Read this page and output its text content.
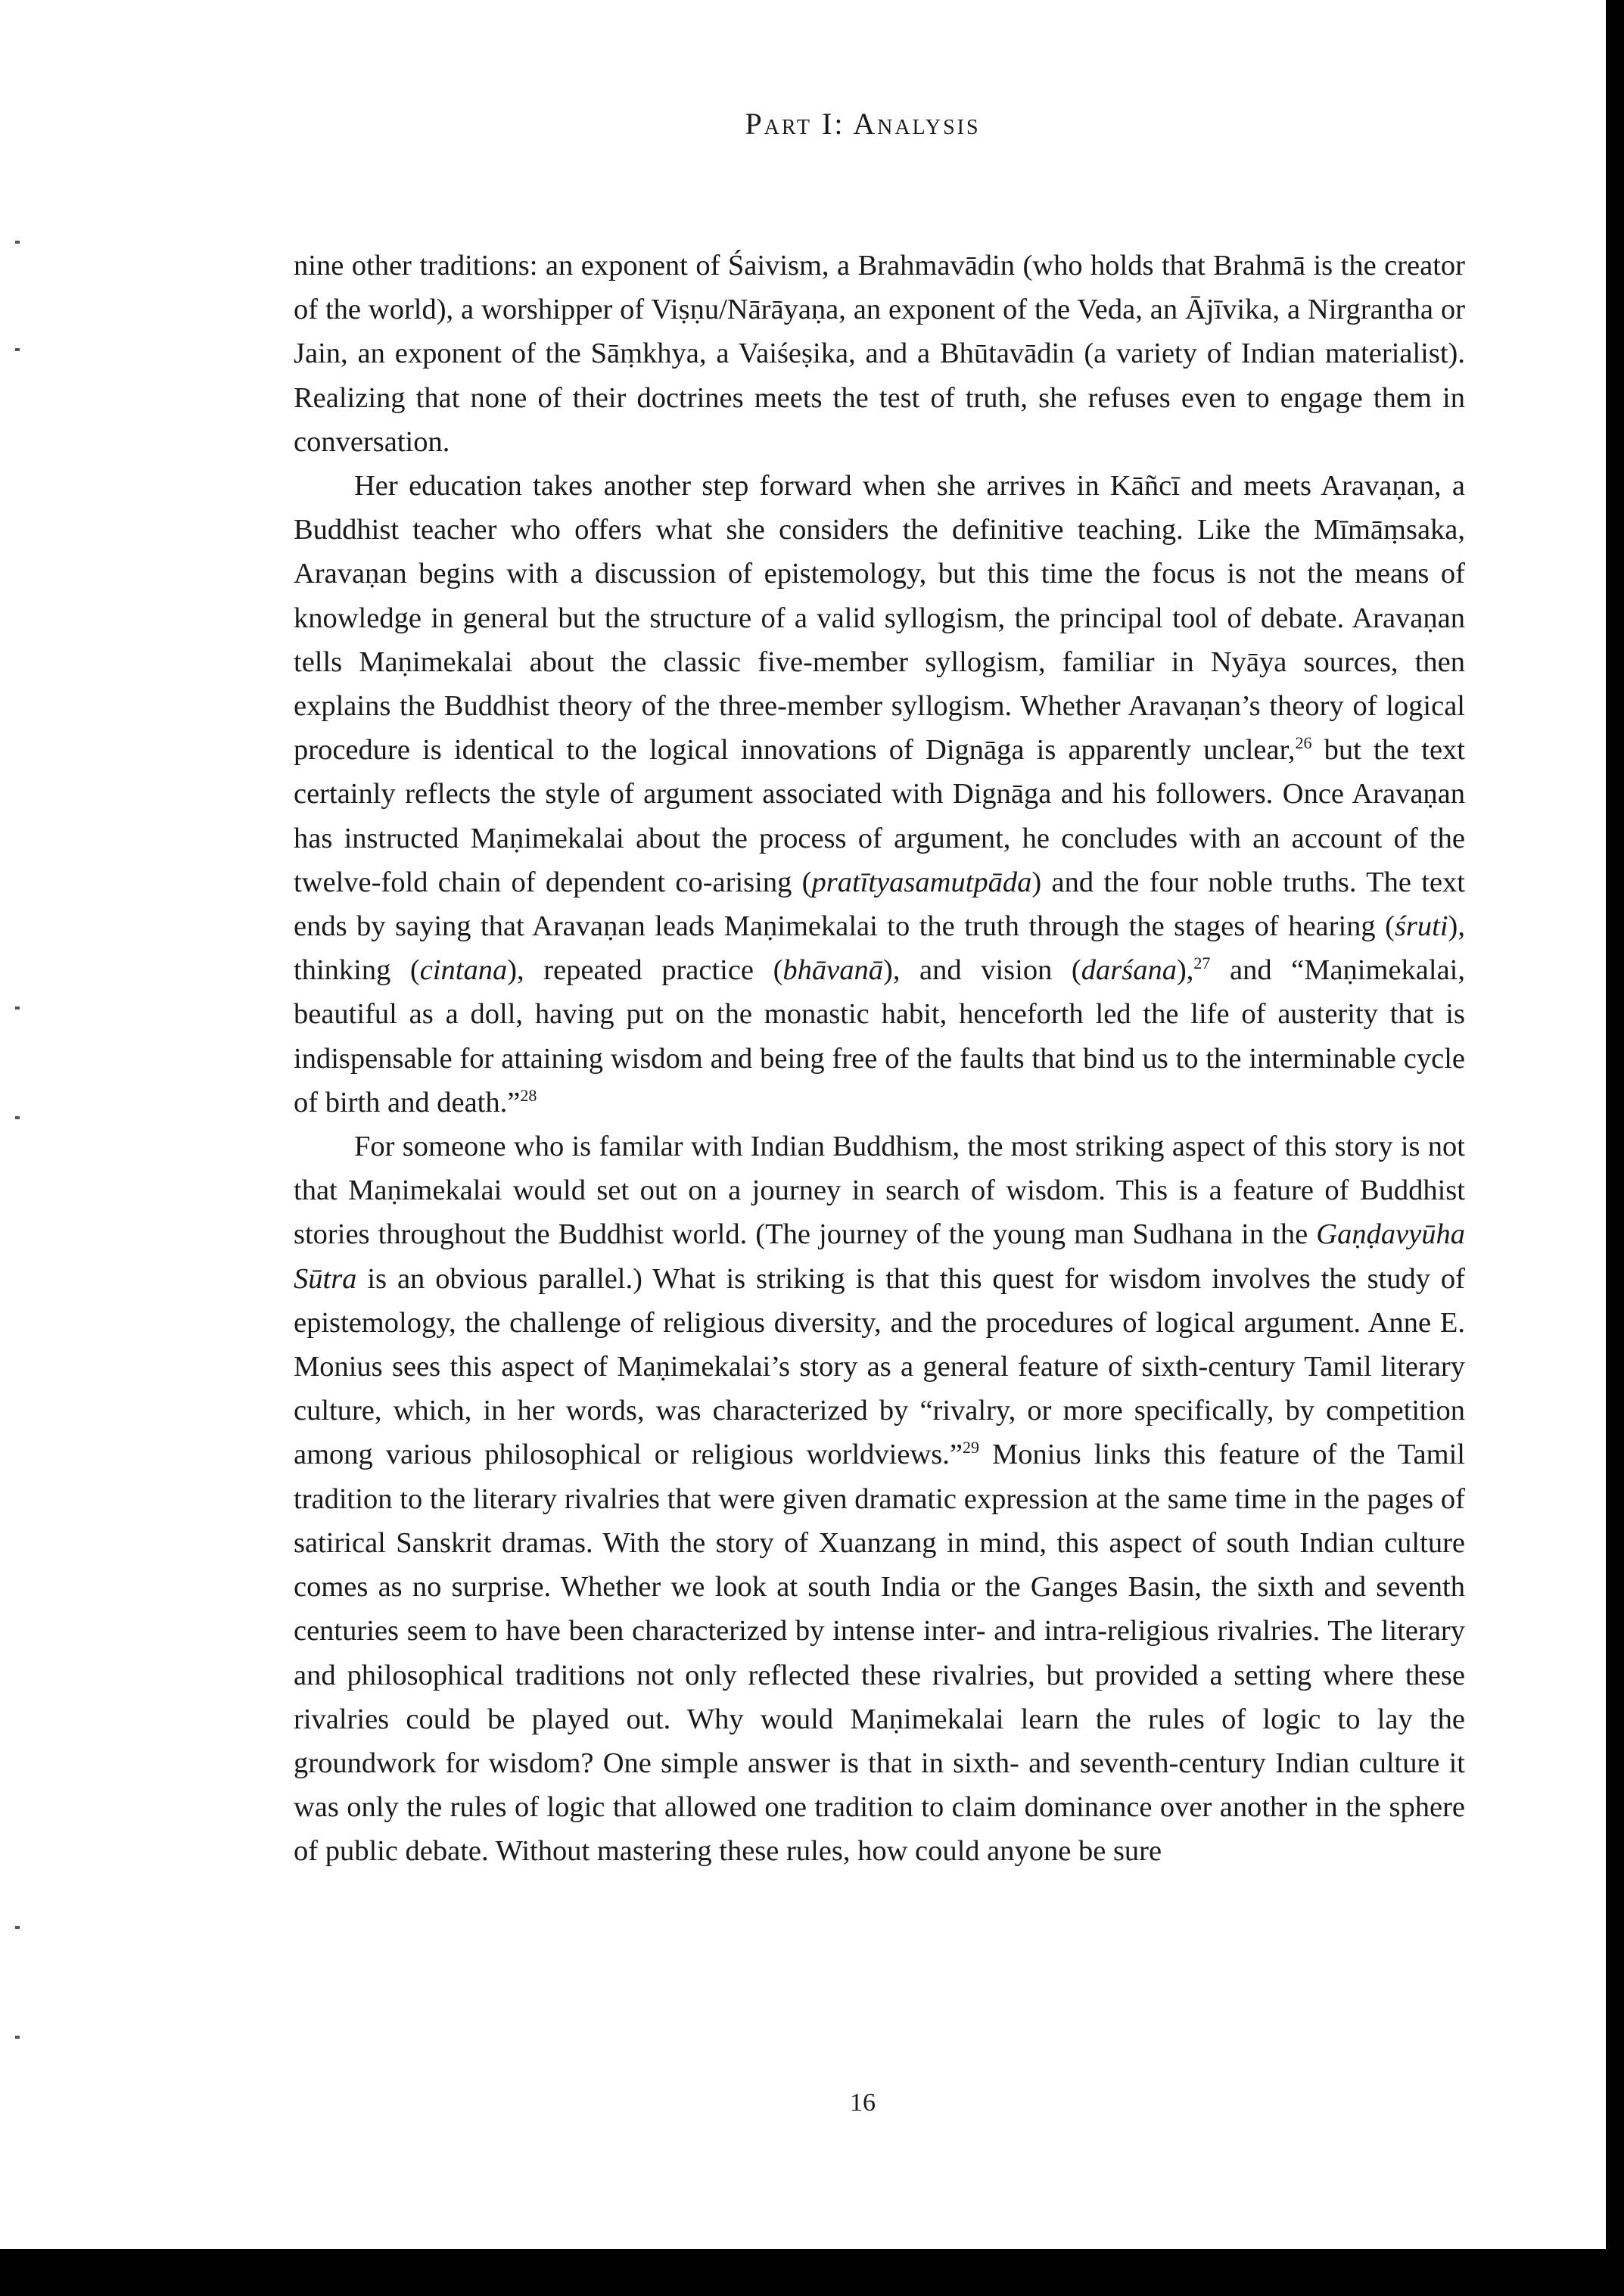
Part I: Analysis

nine other traditions: an exponent of Śaivism, a Brahmavādin (who holds that Brahmā is the creator of the world), a worshipper of Viṣṇu/Nārāyaṇa, an exponent of the Veda, an Ājīvika, a Nirgrantha or Jain, an exponent of the Sāṃkhya, a Vaiśeṣika, and a Bhūtavādin (a variety of Indian materialist). Realizing that none of their doctrines meets the test of truth, she refuses even to engage them in conversation.

Her education takes another step forward when she arrives in Kāñcī and meets Aravaṇan, a Buddhist teacher who offers what she considers the definitive teaching. Like the Mīmāṃsaka, Aravaṇan begins with a discussion of epistemology, but this time the focus is not the means of knowledge in general but the structure of a valid syllogism, the principal tool of debate. Aravaṇan tells Maṇimekalai about the classic five-member syllogism, familiar in Nyāya sources, then explains the Buddhist theory of the three-member syllogism. Whether Aravaṇan’s theory of logical procedure is identical to the logical innovations of Dignāga is apparently unclear,$^{26}$ but the text certainly reflects the style of argument associated with Dignāga and his followers. Once Aravaṇan has instructed Maṇimekalai about the process of argument, he concludes with an account of the twelve-fold chain of dependent co-arising (pratītyasamutpāda) and the four noble truths. The text ends by saying that Aravaṇan leads Maṇimekalai to the truth through the stages of hearing (śruti), thinking (cintana), repeated practice (bhāvanā), and vision (darśana),$^{27}$ and “Maṇimekalai, beautiful as a doll, having put on the monastic habit, henceforth led the life of austerity that is indispensable for attaining wisdom and being free of the faults that bind us to the interminable cycle of birth and death.”$^{28}$

For someone who is familar with Indian Buddhism, the most striking aspect of this story is not that Maṇimekalai would set out on a journey in search of wisdom. This is a feature of Buddhist stories throughout the Buddhist world. (The journey of the young man Sudhana in the Gaṇḍavyūha Sūtra is an obvious parallel.) What is striking is that this quest for wisdom involves the study of epistemology, the challenge of religious diversity, and the procedures of logical argument. Anne E. Monius sees this aspect of Maṇimekalai’s story as a general feature of sixth-century Tamil literary culture, which, in her words, was characterized by “rivalry, or more specifically, by competition among various philosophical or religious worldviews.”$^{29}$ Monius links this feature of the Tamil tradition to the literary rivalries that were given dramatic expression at the same time in the pages of satirical Sanskrit dramas. With the story of Xuanzang in mind, this aspect of south Indian culture comes as no surprise. Whether we look at south India or the Ganges Basin, the sixth and seventh centuries seem to have been characterized by intense inter- and intra-religious rivalries. The literary and philosophical traditions not only reflected these rivalries, but provided a setting where these rivalries could be played out. Why would Maṇimekalai learn the rules of logic to lay the groundwork for wisdom? One simple answer is that in sixth- and seventh-century Indian culture it was only the rules of logic that allowed one tradition to claim dominance over another in the sphere of public debate. Without mastering these rules, how could anyone be sure

16
